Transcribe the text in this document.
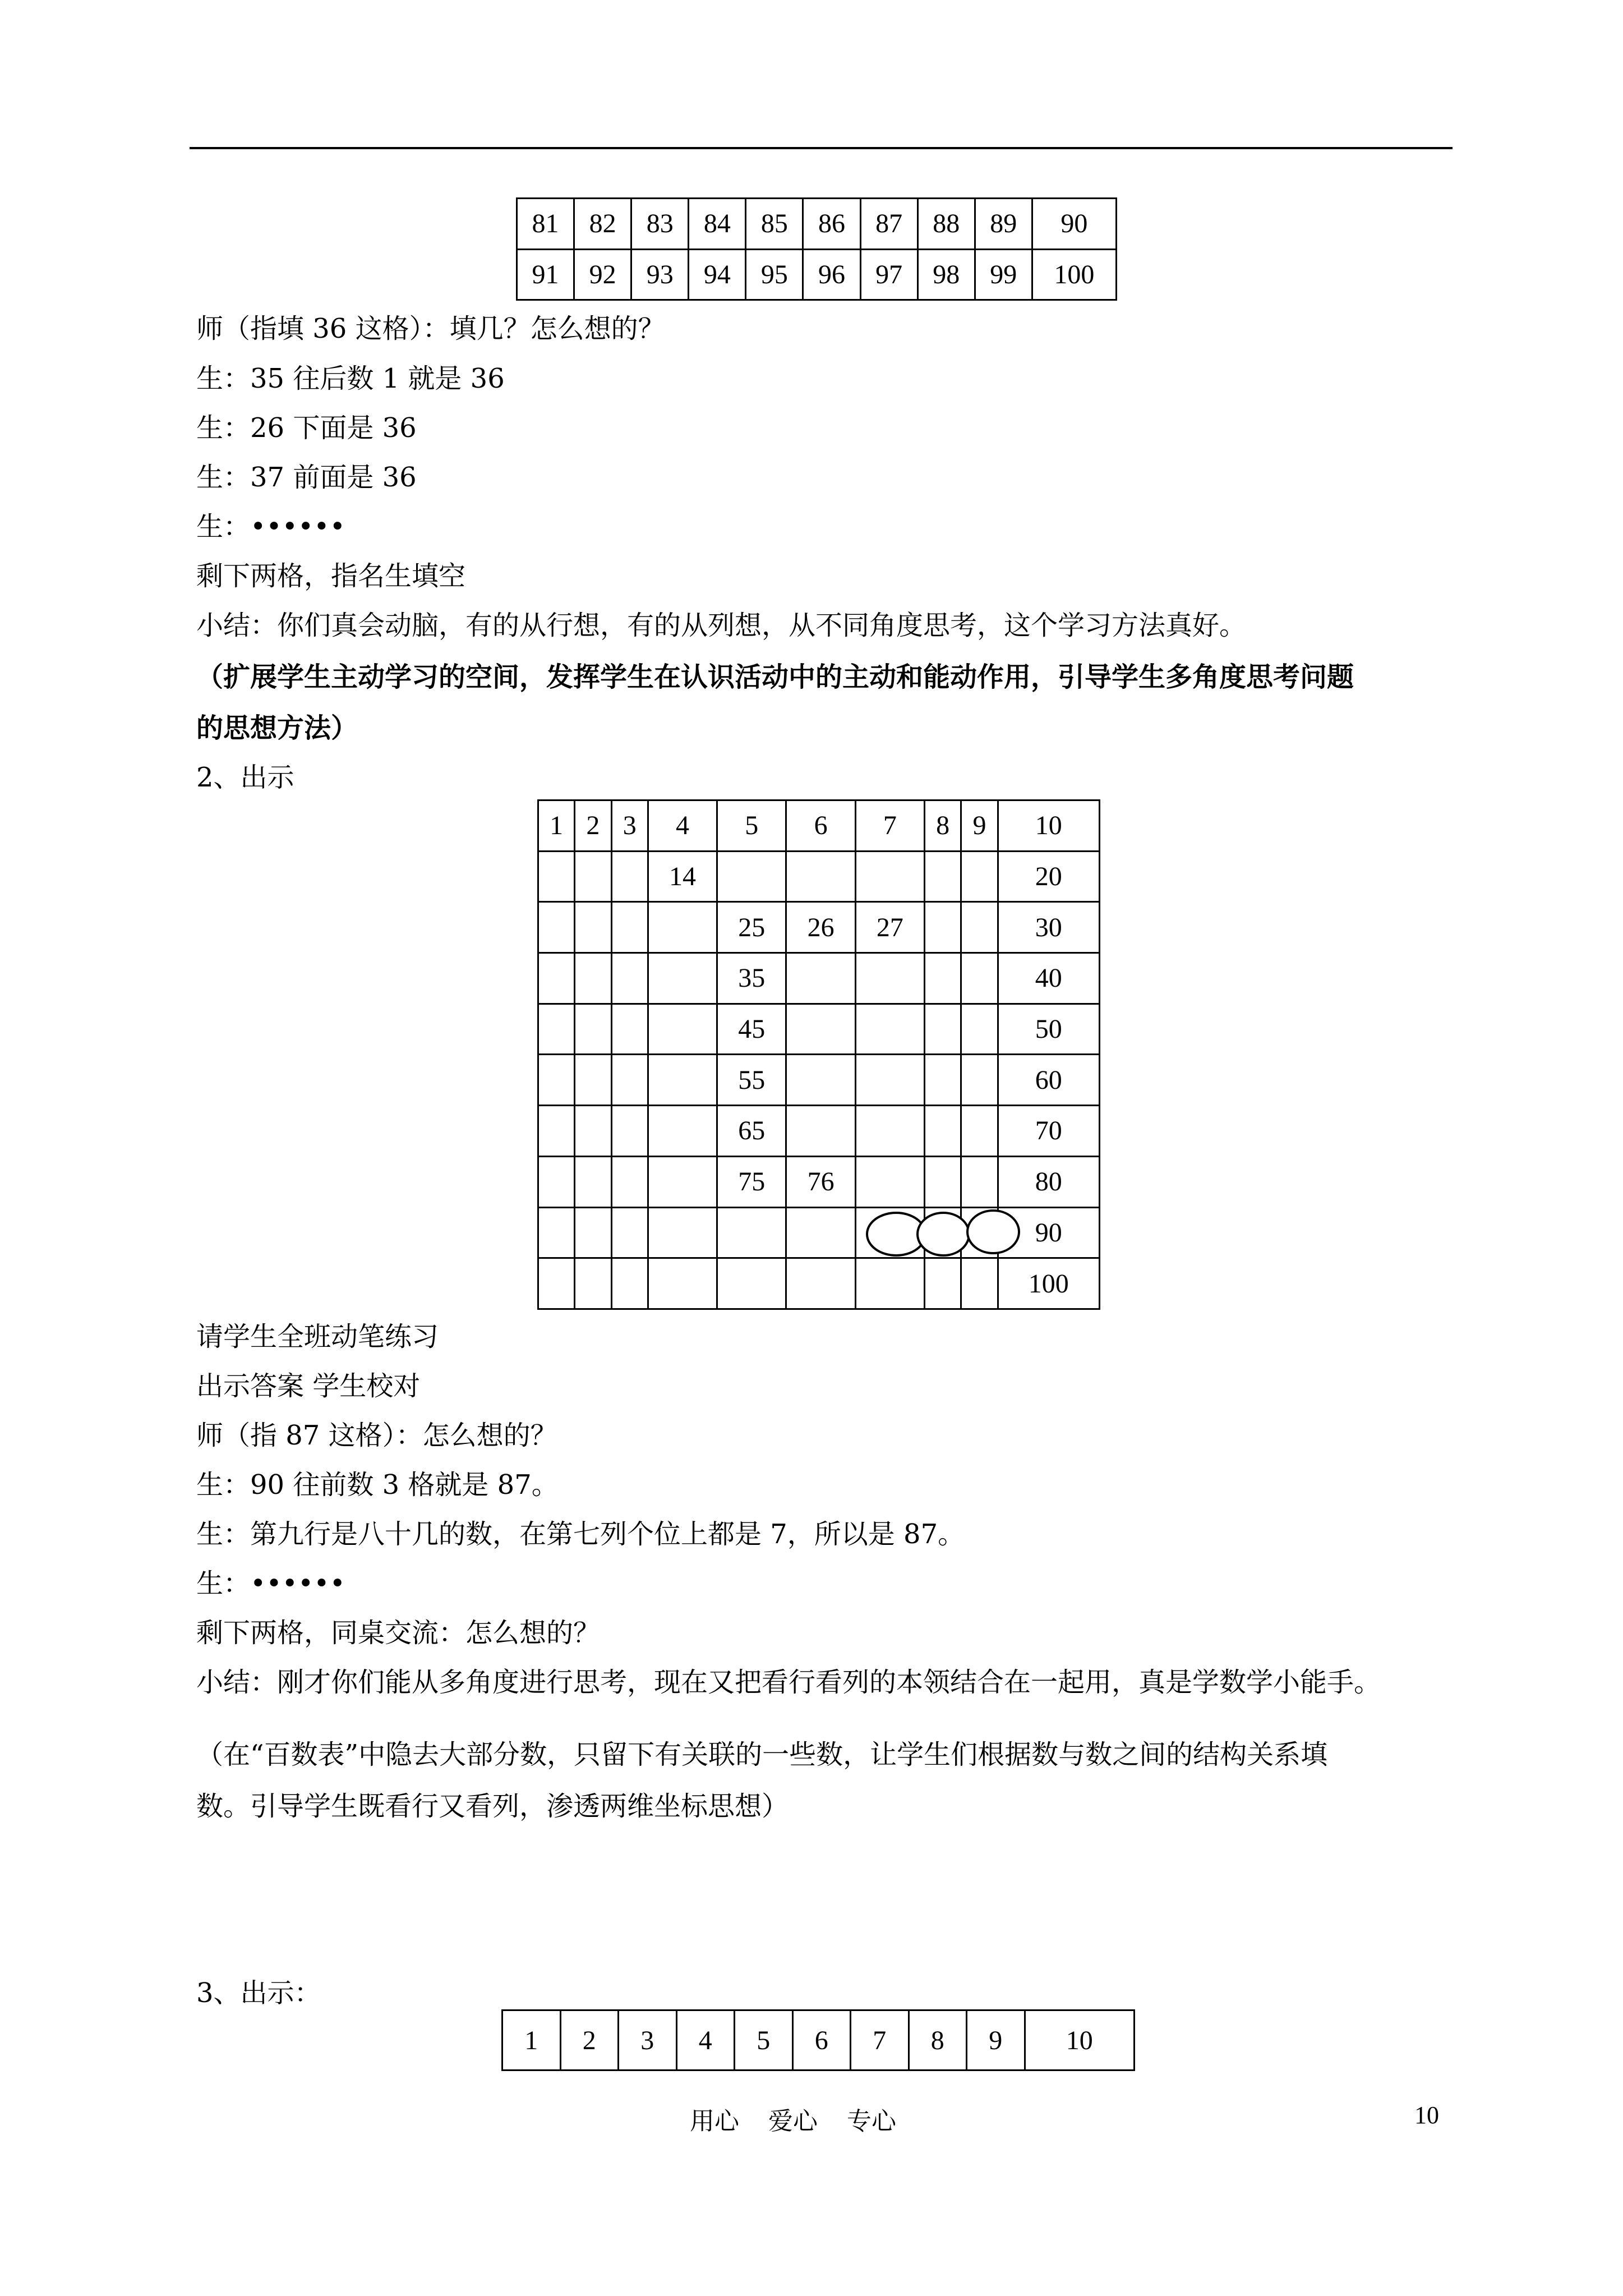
81	82	83	84	85	86	87	88	89	90
91	92	93	94	95	96	97	98	99	100
师（指填 36 这格）：填几？怎么想的？
生：35 往后数 1 就是 36
生：26 下面是 36
生：37 前面是 36
生：••••••
剩下两格，指名生填空
小结：你们真会动脑，有的从行想，有的从列想，从不同角度思考，这个学习方法真好。
（扩展学生主动学习的空间，发挥学生在认识活动中的主动和能动作用，引导学生多角度思考问题
的思想方法）
2、出示
1	2	3	4	5	6	7	8	9	10
			14						20
				25	26	27			30
				35					40
				45					50
				55					60
				65					70
				75	76				80
									90
									100
请学生全班动笔练习
出示答案 学生校对
师（指 87 这格）：怎么想的？
生：90 往前数 3 格就是 87。
生：第九行是八十几的数，在第七列个位上都是 7，所以是 87。
生：••••••
剩下两格，同桌交流：怎么想的？
小结：刚才你们能从多角度进行思考，现在又把看行看列的本领结合在一起用，真是学数学小能手。
（在“百数表”中隐去大部分数，只留下有关联的一些数，让学生们根据数与数之间的结构关系填
数。引导学生既看行又看列，渗透两维坐标思想）
3、出示：
1	2	3	4	5	6	7	8	9	10
用心 爱心 专心	10
